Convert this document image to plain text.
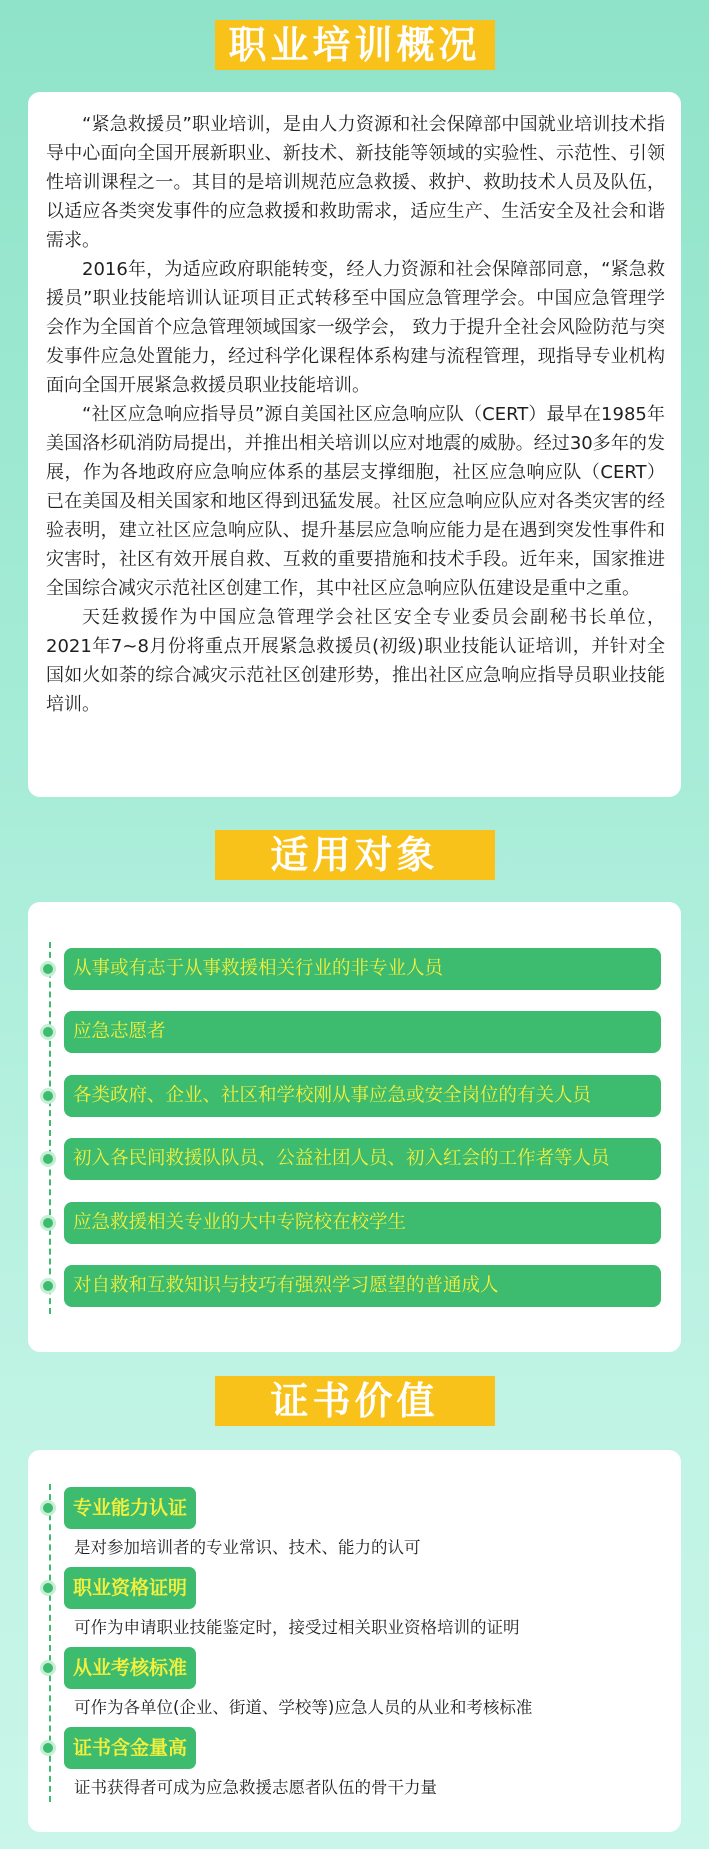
职业培训概况

“紧急救援员”职业培训，是由人力资源和社会保障部中国就业培训技术指导中心面向全国开展新职业、新技术、新技能等领域的实验性、示范性、引领性培训课程之一。其目的是培训规范应急救援、救护、救助技术人员及队伍，以适应各类突发事件的应急救援和救助需求，适应生产、生活安全及社会和谐需求。

2016年，为适应政府职能转变，经人力资源和社会保障部同意，“紧急救援员”职业技能培训认证项目正式转移至中国应急管理学会。中国应急管理学会作为全国首个应急管理领域国家一级学会， 致力于提升全社会风险防范与突发事件应急处置能力，经过科学化课程体系构建与流程管理，现指导专业机构面向全国开展紧急救援员职业技能培训。

“社区应急响应指导员”源自美国社区应急响应队（CERT）最早在1985年美国洛杉矶消防局提出，并推出相关培训以应对地震的威胁。经过30多年的发展，作为各地政府应急响应体系的基层支撑细胞，社区应急响应队（CERT）已在美国及相关国家和地区得到迅猛发展。社区应急响应队应对各类灾害的经验表明，建立社区应急响应队、提升基层应急响应能力是在遇到突发性事件和灾害时，社区有效开展自救、互救的重要措施和技术手段。近年来，国家推进全国综合减灾示范社区创建工作，其中社区应急响应队伍建设是重中之重。

天廷救援作为中国应急管理学会社区安全专业委员会副秘书长单位，2021年7~8月份将重点开展紧急救援员(初级)职业技能认证培训，并针对全国如火如荼的综合减灾示范社区创建形势，推出社区应急响应指导员职业技能培训。

适用对象
从事或有志于从事救援相关行业的非专业人员
应急志愿者
各类政府、企业、社区和学校刚从事应急或安全岗位的有关人员
初入各民间救援队队员、公益社团人员、初入红会的工作者等人员
应急救援相关专业的大中专院校在校学生
对自救和互救知识与技巧有强烈学习愿望的普通成人
证书价值
专业能力认证
是对参加培训者的专业常识、技术、能力的认可
职业资格证明
可作为申请职业技能鉴定时，接受过相关职业资格培训的证明
从业考核标准
可作为各单位(企业、街道、学校等)应急人员的从业和考核标准
证书含金量高
证书获得者可成为应急救援志愿者队伍的骨干力量
